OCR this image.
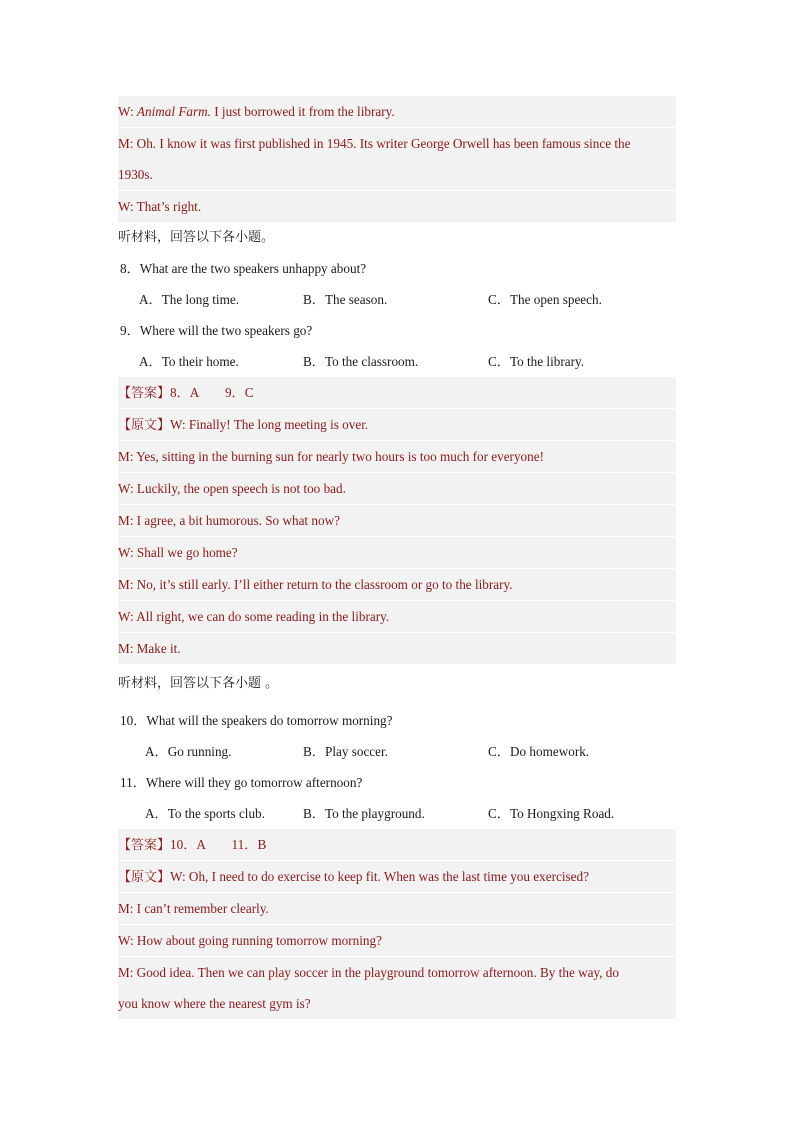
W: Animal Farm. I just borrowed it from the library.
M: Oh. I know it was first published in 1945. Its writer George Orwell has been famous since the
1930s.
W: That’s right.
听材料，回答以下各小题。
8．What are the two speakers unhappy about?
A．The long time.	B．The season.	C．The open speech.
9．Where will the two speakers go?
A．To their home.	B．To the classroom.	C．To the library.
【答案】8．A　　9．C
【原文】W: Finally! The long meeting is over.
M: Yes, sitting in the burning sun for nearly two hours is too much for everyone!
W: Luckily, the open speech is not too bad.
M: I agree, a bit humorous. So what now?
W: Shall we go home?
M: No, it’s still early. I’ll either return to the classroom or go to the library.
W: All right, we can do some reading in the library.
M: Make it.
听材料，回答以下各小题 。
10．What will the speakers do tomorrow morning?
A．Go running.	B．Play soccer.	C．Do homework.
11．Where will they go tomorrow afternoon?
A．To the sports club.	B．To the playground.	C．To Hongxing Road.
【答案】10．A　　11．B
【原文】W: Oh, I need to do exercise to keep fit. When was the last time you exercised?
M: I can’t remember clearly.
W: How about going running tomorrow morning?
M: Good idea. Then we can play soccer in the playground tomorrow afternoon. By the way, do
you know where the nearest gym is?
